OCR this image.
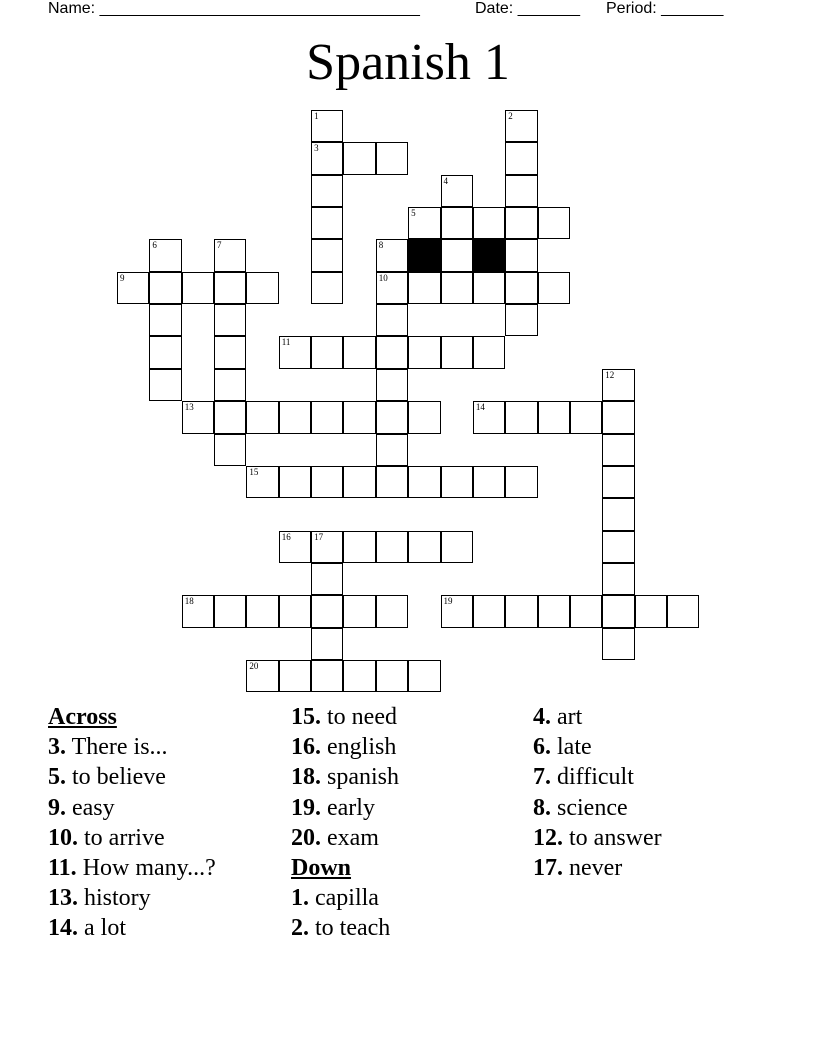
Name: ____________________________________	Date: _______ Period: _______
Spanish 1
1	2
3
4
5
6	7	8
9	10
11
12
13	14
15
16	17
18	19
20
Across
3. There is...
5. to believe
9. easy
10. to arrive
11. How many...?
13. history
14. a lot
15. to need
16. english
18. spanish
19. early
20. exam
Down
1. capilla
2. to teach
4. art
6. late
7. difficult
8. science
12. to answer
17. never
